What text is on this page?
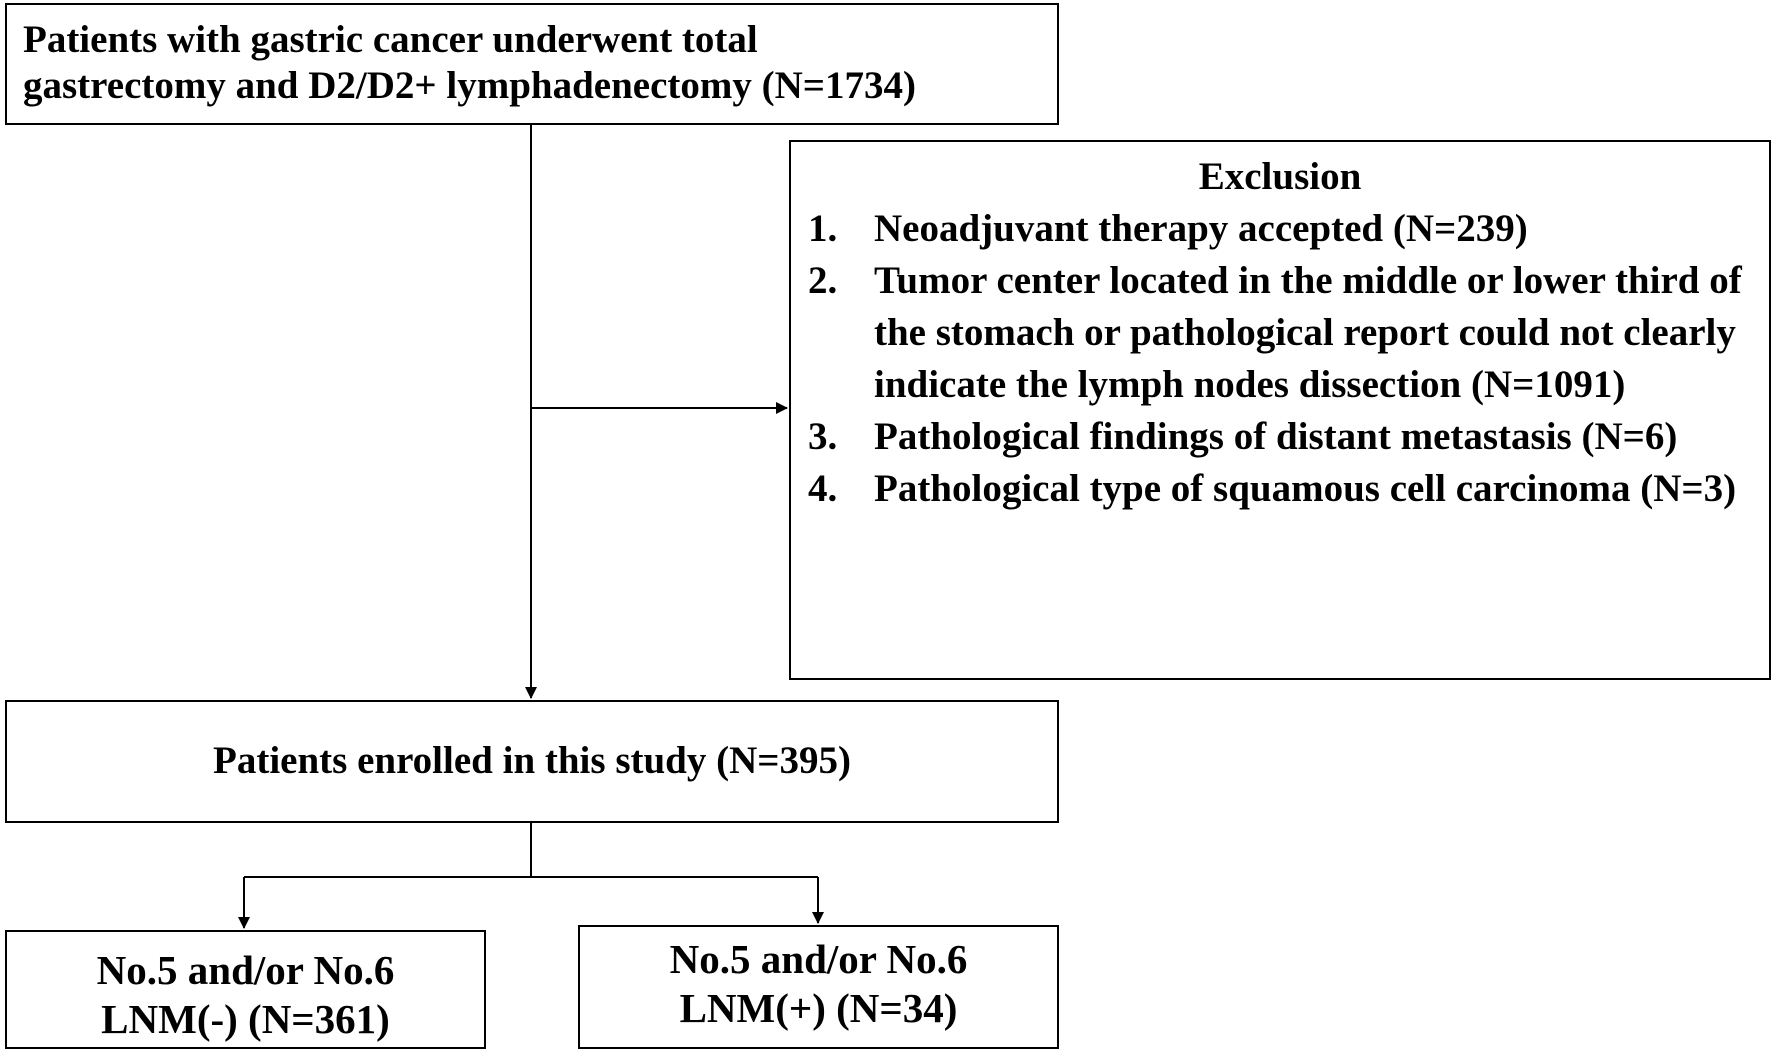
Patients with gastric cancer underwent total
gastrectomy and D2/D2+ lymphadenectomy (N=1734)
Exclusion
1. Neoadjuvant therapy accepted (N=239)
2. Tumor center located in the middle or lower third of the stomach or pathological report could not clearly indicate the lymph nodes dissection (N=1091)
3. Pathological findings of distant metastasis (N=6)
4. Pathological type of squamous cell carcinoma (N=3)
Patients enrolled in this study (N=395)
No.5 and/or No.6
LNM(-) (N=361)
No.5 and/or No.6
LNM(+) (N=34)
